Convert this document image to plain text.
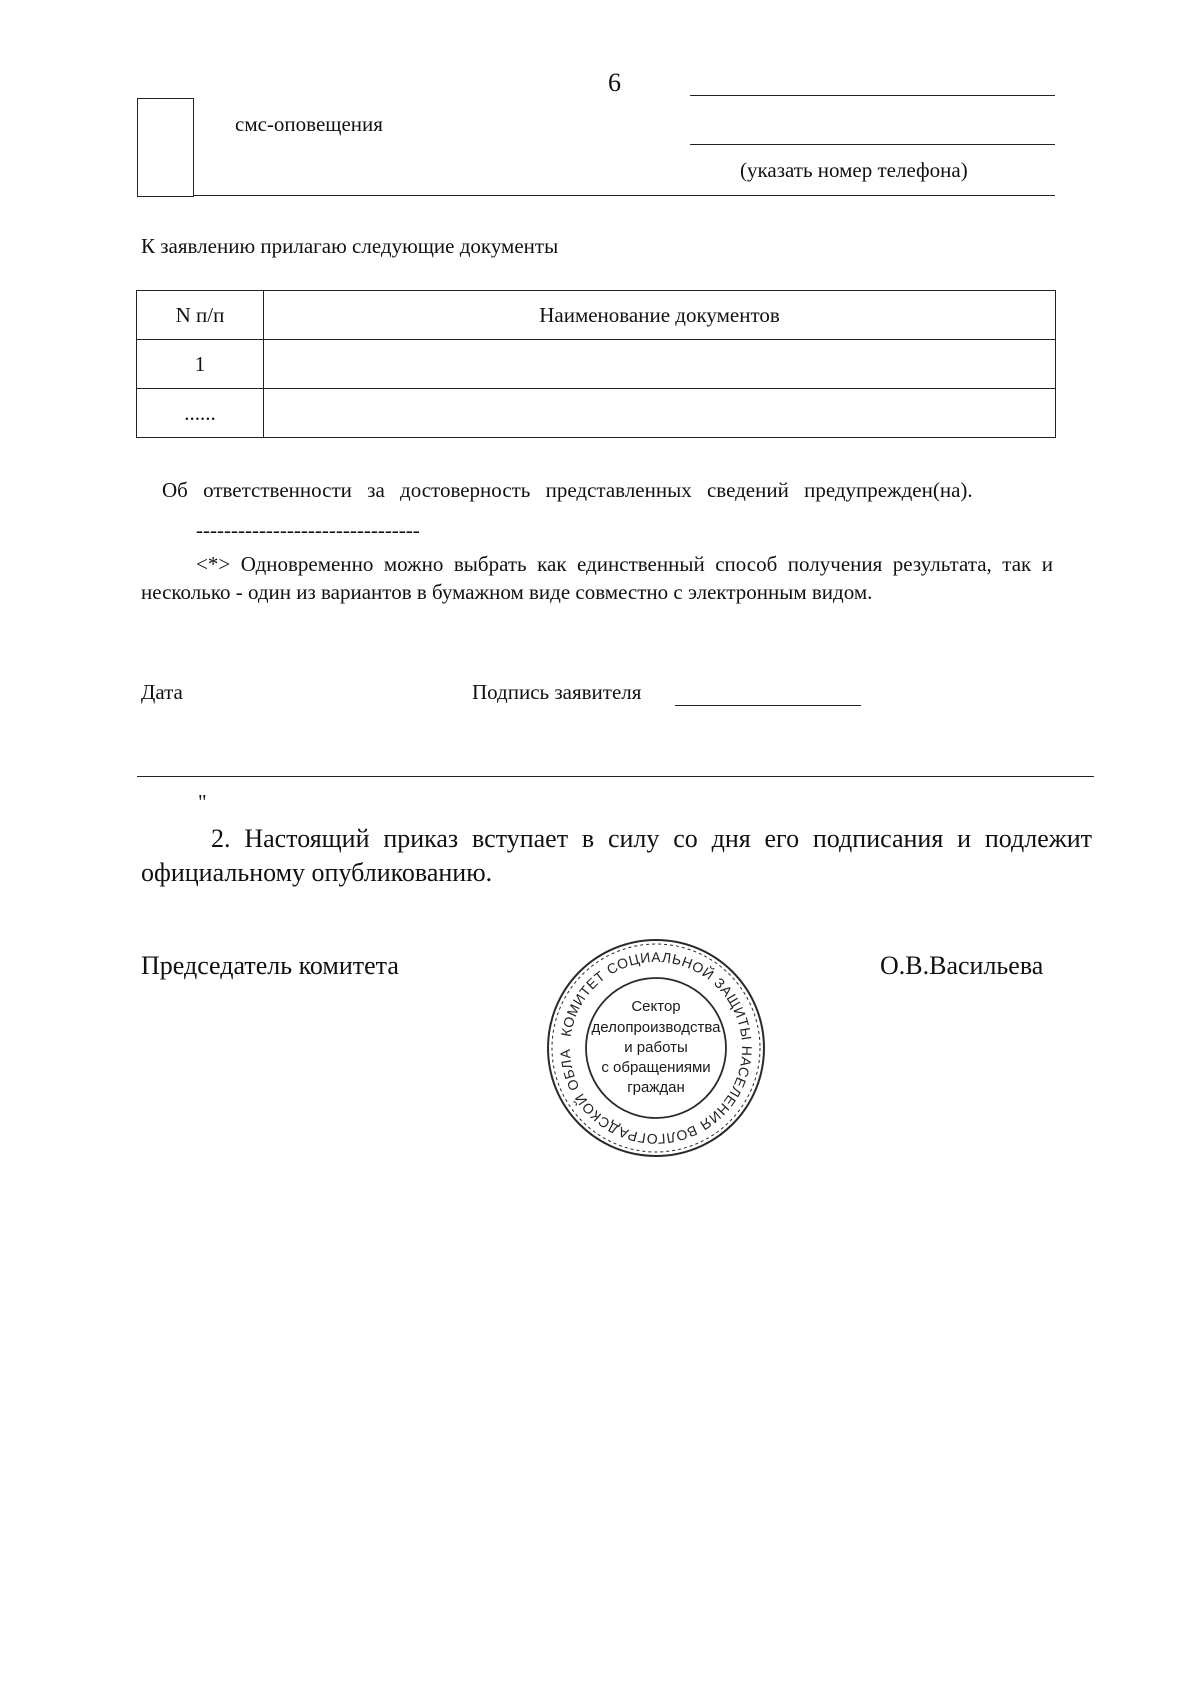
6
смс-оповещения
(указать номер телефона)
К заявлению прилагаю следующие документы
N п/п	Наименование документов
1	
......	
Об ответственности за достоверность представленных сведений предупрежден(на).
--------------------------------
<*> Одновременно можно выбрать как единственный способ получения результата, так и несколько - один из вариантов в бумажном виде совместно с электронным видом.
Дата	Подпись заявителя
"
2. Настоящий приказ вступает в силу со дня его подписания и подлежит официальному опубликованию.
Председатель комитета	О.В.Васильева
КОМИТЕТ СОЦИАЛЬНОЙ ЗАЩИТЫ НАСЕЛЕНИЯ ВОЛГОГРАДСКОЙ ОБЛА
Сектор
делопроизводства
и работы
с обращениями
граждан
